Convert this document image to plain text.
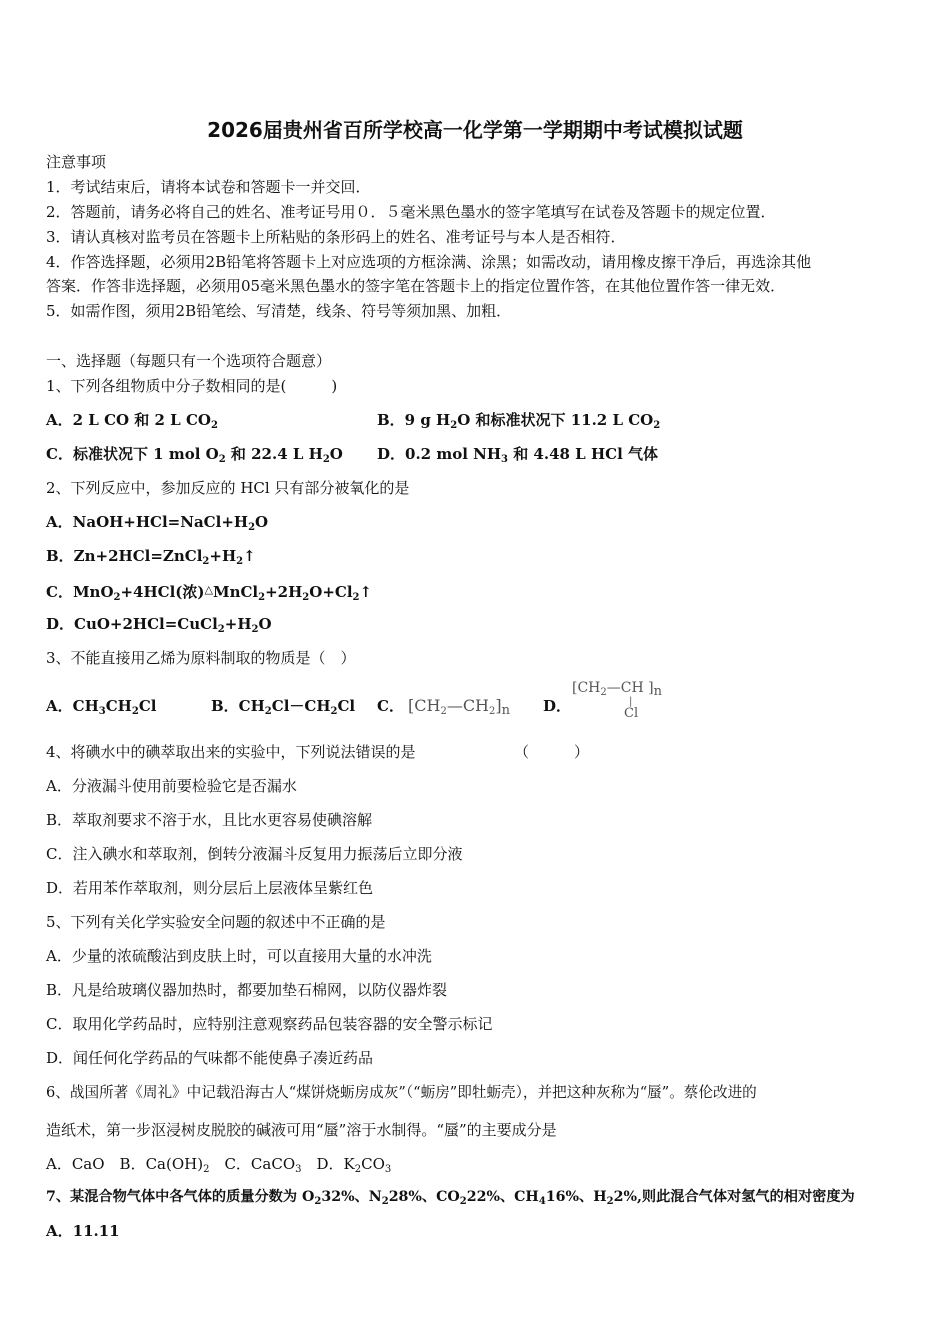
2026届贵州省百所学校高一化学第一学期期中考试模拟试题
注意事项
1．考试结束后，请将本试卷和答题卡一并交回．
2．答题前，请务必将自己的姓名、准考证号用０．５毫米黑色墨水的签字笔填写在试卷及答题卡的规定位置．
3．请认真核对监考员在答题卡上所粘贴的条形码上的姓名、准考证号与本人是否相符．
4．作答选择题，必须用2B铅笔将答题卡上对应选项的方框涂满、涂黑；如需改动，请用橡皮擦干净后，再选涂其他
答案．作答非选择题，必须用05毫米黑色墨水的签字笔在答题卡上的指定位置作答，在其他位置作答一律无效．
5．如需作图，须用2B铅笔绘、写清楚，线条、符号等须加黑、加粗．
一、选择题（每题只有一个选项符合题意）
1、下列各组物质中分子数相同的是(　　　)
A．2 L CO 和 2 L $CO_2$	B．9 g $H_2O$ 和标准状况下 11.2 L $CO_2$
C．标准状况下 1 mol $O_2$ 和 22.4 L $H_2O$ D．0.2 mol $NH_3$ 和 4.48 L HCl 气体
2、下列反应中，参加反应的 HCl 只有部分被氧化的是
A．$NaOH+HCl=NaCl+H_2O$
B．$Zn+2HCl=ZnCl_2+H_2↑$
C．MnO$_2$+4HCl(浓)$^\triangle MnCl_2+2H_2O+Cl_2↑$
D．$CuO+2HCl=CuCl_2+H_2O$
3、不能直接用乙烯为原料制取的物质是（　）
A．$CH_3CH_2Cl$	B．$CH_2Cl-CH_2Cl$ C． $[CH_2—CH_2]_n$ D．
[$CH_2—CH$ ]n
|
Cl
4、将碘水中的碘萃取出来的实验中，下列说法错误的是	（　　　）
A．分液漏斗使用前要检验它是否漏水
B．萃取剂要求不溶于水，且比水更容易使碘溶解
C．注入碘水和萃取剂，倒转分液漏斗反复用力振荡后立即分液
D．若用苯作萃取剂，则分层后上层液体呈紫红色
5、下列有关化学实验安全问题的叙述中不正确的是
A．少量的浓硫酸沾到皮肤上时，可以直接用大量的水冲洗
B．凡是给玻璃仪器加热时，都要加垫石棉网，以防仪器炸裂
C．取用化学药品时，应特别注意观察药品包装容器的安全警示标记
D．闻任何化学药品的气味都不能使鼻子凑近药品
6、战国所著《周礼》中记载沿海古人“煤饼烧蛎房成灰”（“蛎房”即牡蛎壳），并把这种灰称为“蜃”。蔡伦改进的
造纸术，第一步沤浸树皮脱胶的碱液可用“蜃”溶于水制得。“蜃”的主要成分是
A．CaO　B．$Ca(OH)_2$　C．CaCO$_3$　D．$K_2CO_3$
7、某混合物气体中各气体的质量分数为 $O_232\%$、$N_228\%$、$CO_222\%$、$CH_416\%$、$H_22\%$,则此混合气体对氢气的相对密度为
A．11.11
